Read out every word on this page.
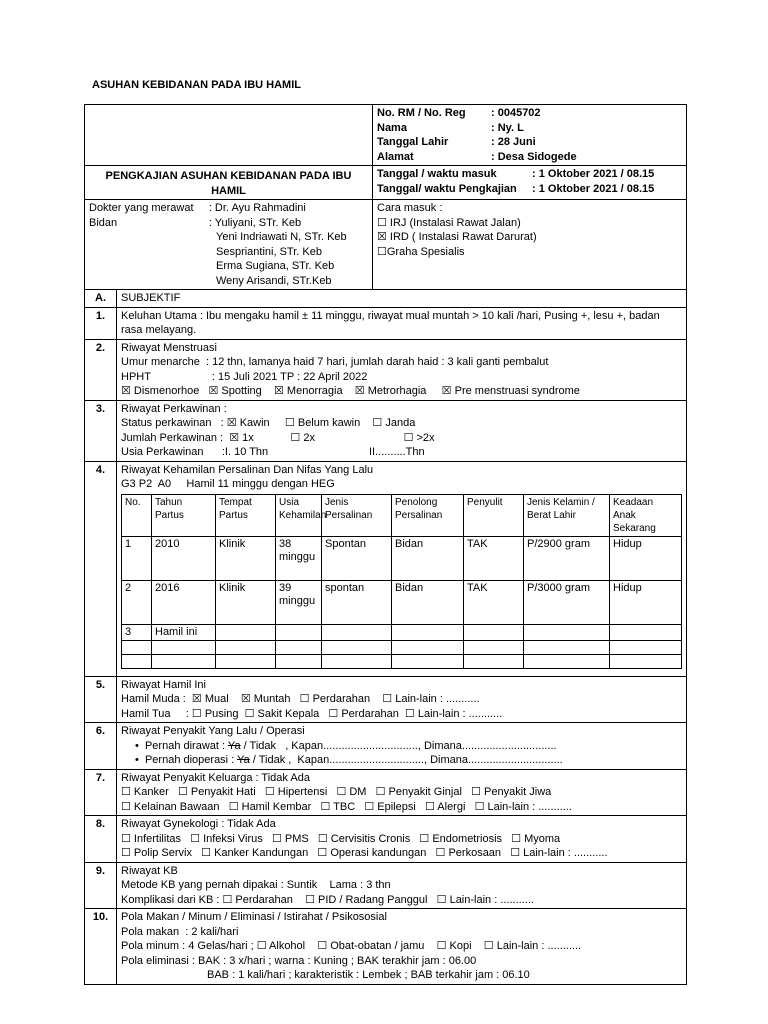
ASUHAN KEBIDANAN PADA IBU HAMIL

No. RM / No. Reg	: 0045702
Nama	: Ny. L
Tanggal Lahir	: 28 Juni
Alamat	: Desa Sidogede

PENGKAJIAN ASUHAN KEBIDANAN PADA IBU HAMIL	
Tanggal / waktu masuk	: 1 Oktober 2021 / 08.15
Tanggal/ waktu Pengkajian	: 1 Oktober 2021 / 08.15

Dokter yang merawat     : Dr. Ayu Rahmadini
Bidan                              : Yuliyani, STr. Keb
Yeni Indriawati N, STr. Keb
Sespriantini, STr. Keb
Erma Sugiana, STr. Keb
Weny Arisandi, STr.Keb

Cara masuk :
☐ IRJ (Instalasi Rawat Jalan)
☒ IRD ( Instalasi Rawat Darurat)
☐Graha Spesialis

A.	SUBJEKTIF
1.	Keluhan Utama : Ibu mengaku hamil ± 11 minggu, riwayat mual muntah > 10 kali /hari, Pusing +, lesu +, badan rasa melayang.
2.	Riwayat Menstruasi
Umur menarche  : 12 thn, lamanya haid 7 hari, jumlah darah haid : 3 kali ganti pembalut
HPHT                    : 15 Juli 2021 TP : 22 April 2022
☒ Dismenorhoe   ☒ Spotting    ☒ Menorragia    ☒ Metrorhagia     ☒ Pre menstruasi syndrome

3.	Riwayat Perkawinan :
Status perkawinan   : ☒ Kawin     ☐ Belum kawin    ☐ Janda
Jumlah Perkawinan :  ☒ 1x            ☐ 2x                             ☐ >2x
Usia Perkawinan      :I. 10 Thn                                 II..........Thn

4.	Riwayat Kehamilan Persalinan Dan Nifas Yang Lalu
G3 P2  A0     Hamil 11 minggu dengan HEG
No.	Tahun Partus	Tempat Partus	Usia Kehamilan	Jenis Persalinan	Penolong Persalinan	Penyulit	Jenis Kelamin / Berat Lahir	Keadaan Anak Sekarang
1	2010	Klinik	38 minggu	Spontan	Bidan	TAK	P/2900 gram	Hidup
2	2016	Klinik	39 minggu	spontan	Bidan	TAK	P/3000 gram	Hidup
3	Hamil ini							

5.	Riwayat Hamil Ini
Hamil Muda :  ☒ Mual    ☒ Muntah   ☐ Perdarahan    ☐ Lain-lain : ...........
Hamil Tua     : ☐ Pusing  ☐ Sakit Kepala   ☐ Perdarahan  ☐ Lain-lain : ...........

6.	Riwayat Penyakit Yang Lalu / Operasi
•  Pernah dirawat : Ya / Tidak   , Kapan..............................., Dimana...............................
•  Pernah dioperasi : Ya / Tidak ,  Kapan..............................., Dimana...............................

7.	Riwayat Penyakit Keluarga : Tidak Ada
☐ Kanker   ☐ Penyakit Hati   ☐ Hipertensi   ☐ DM   ☐ Penyakit Ginjal   ☐ Penyakit Jiwa
☐ Kelainan Bawaan   ☐ Hamil Kembar   ☐ TBC   ☐ Epilepsi   ☐ Alergi   ☐ Lain-lain : ...........

8.	Riwayat Gynekologi : Tidak Ada
☐ Infertilitas   ☐ Infeksi Virus   ☐ PMS   ☐ Cervisitis Cronis   ☐ Endometriosis   ☐ Myoma
☐ Polip Servix   ☐ Kanker Kandungan   ☐ Operasi kandungan   ☐ Perkosaan   ☐ Lain-lain : ...........

9.	Riwayat KB
Metode KB yang pernah dipakai : Suntik    Lama : 3 thn
Komplikasi dari KB : ☐ Perdarahan    ☐ PID / Radang Panggul   ☐ Lain-lain : ...........

10.	Pola Makan / Minum / Eliminasi / Istirahat / Psikososial
Pola makan  : 2 kali/hari
Pola minum : 4 Gelas/hari ; ☐ Alkohol    ☐ Obat-obatan / jamu    ☐ Kopi    ☐ Lain-lain : ...........
Pola eliminasi : BAK : 3 x/hari ; warna : Kuning ; BAK terakhir jam : 06.00
BAB : 1 kali/hari ; karakteristik : Lembek ; BAB terkahir jam : 06.10
